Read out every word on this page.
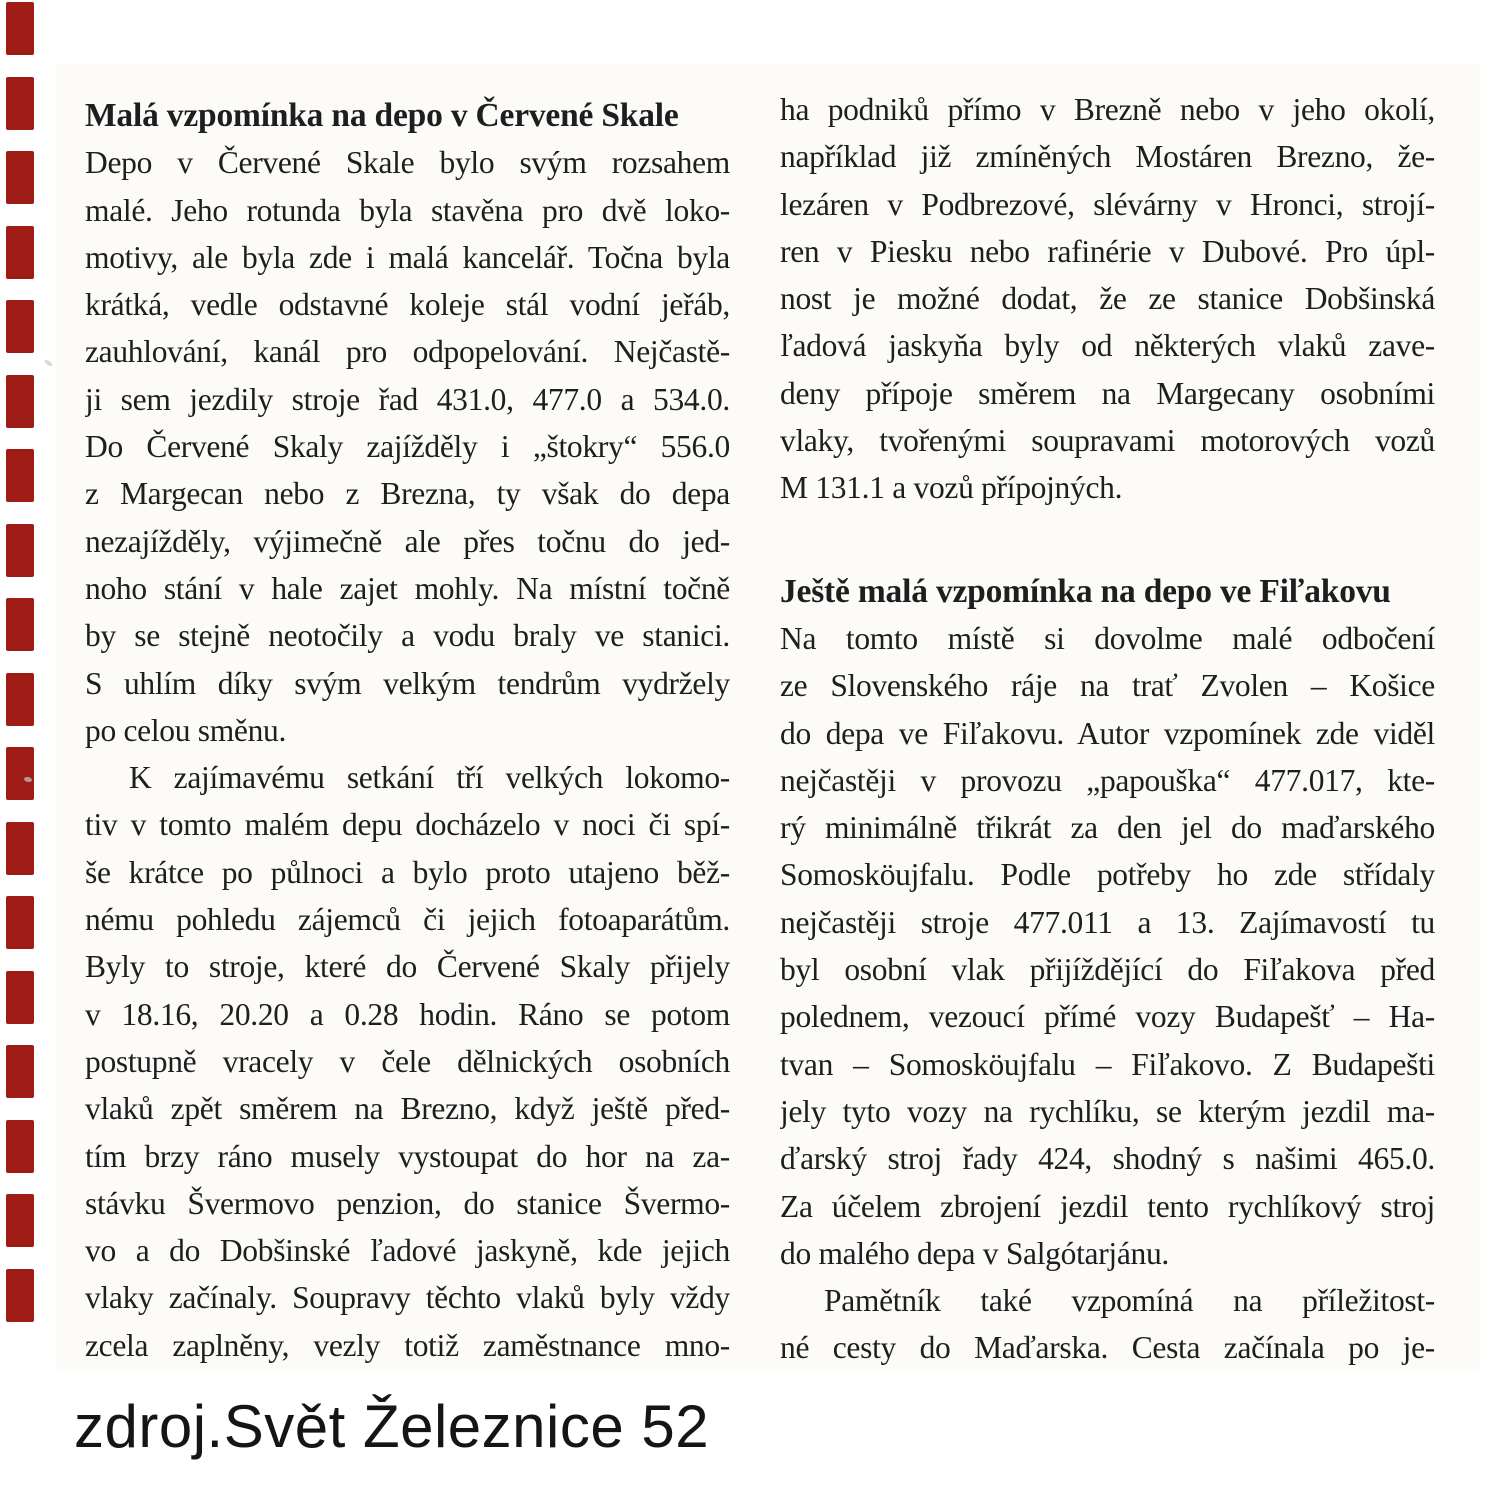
Malá vzpomínka na depo v Červené Skale
Depo v Červené Skale bylo svým rozsahem
malé. Jeho rotunda byla stavěna pro dvě loko-
motivy, ale byla zde i malá kancelář. Točna byla
krátká, vedle odstavné koleje stál vodní jeřáb,
zauhlování, kanál pro odpopelování. Nejčastě-
ji sem jezdily stroje řad 431.0, 477.0 a 534.0.
Do Červené Skaly zajížděly i „štokry“ 556.0
z Margecan nebo z Brezna, ty však do depa
nezajížděly, výjimečně ale přes točnu do jed-
noho stání v hale zajet mohly. Na místní točně
by se stejně neotočily a vodu braly ve stanici.
S uhlím díky svým velkým tendrům vydržely
po celou směnu.
K zajímavému setkání tří velkých lokomo-
tiv v tomto malém depu docházelo v noci či spí-
še krátce po půlnoci a bylo proto utajeno běž-
nému pohledu zájemců či jejich fotoaparátům.
Byly to stroje, které do Červené Skaly přijely
v 18.16, 20.20 a 0.28 hodin. Ráno se potom
postupně vracely v čele dělnických osobních
vlaků zpět směrem na Brezno, když ještě před-
tím brzy ráno musely vystoupat do hor na za-
stávku Švermovo penzion, do stanice Švermo-
vo a do Dobšinské ľadové jaskyně, kde jejich
vlaky začínaly. Soupravy těchto vlaků byly vždy
zcela zaplněny, vezly totiž zaměstnance mno-
ha podniků přímo v Brezně nebo v jeho okolí,
například již zmíněných Mostáren Brezno, že-
lezáren v Podbrezové, slévárny v Hronci, strojí-
ren v Piesku nebo rafinérie v Dubové. Pro úpl-
nost je možné dodat, že ze stanice Dobšinská
ľadová jaskyňa byly od některých vlaků zave-
deny přípoje směrem na Margecany osobními
vlaky, tvořenými soupravami motorových vozů
M 131.1 a vozů přípojných.
Ještě malá vzpomínka na depo ve Fiľakovu
Na tomto místě si dovolme malé odbočení
ze Slovenského ráje na trať Zvolen – Košice
do depa ve Fiľakovu. Autor vzpomínek zde viděl
nejčastěji v provozu „papouška“ 477.017, kte-
rý minimálně třikrát za den jel do maďarského
Somosköujfalu. Podle potřeby ho zde střídaly
nejčastěji stroje 477.011 a 13. Zajímavostí tu
byl osobní vlak přijíždějící do Fiľakova před
polednem, vezoucí přímé vozy Budapešť – Ha-
tvan – Somosköujfalu – Fiľakovo. Z Budapešti
jely tyto vozy na rychlíku, se kterým jezdil ma-
ďarský stroj řady 424, shodný s našimi 465.0.
Za účelem zbrojení jezdil tento rychlíkový stroj
do malého depa v Salgótarjánu.
Pamětník také vzpomíná na příležitost-
né cesty do Maďarska. Cesta začínala po je-
zdroj.Svět Železnice 52
